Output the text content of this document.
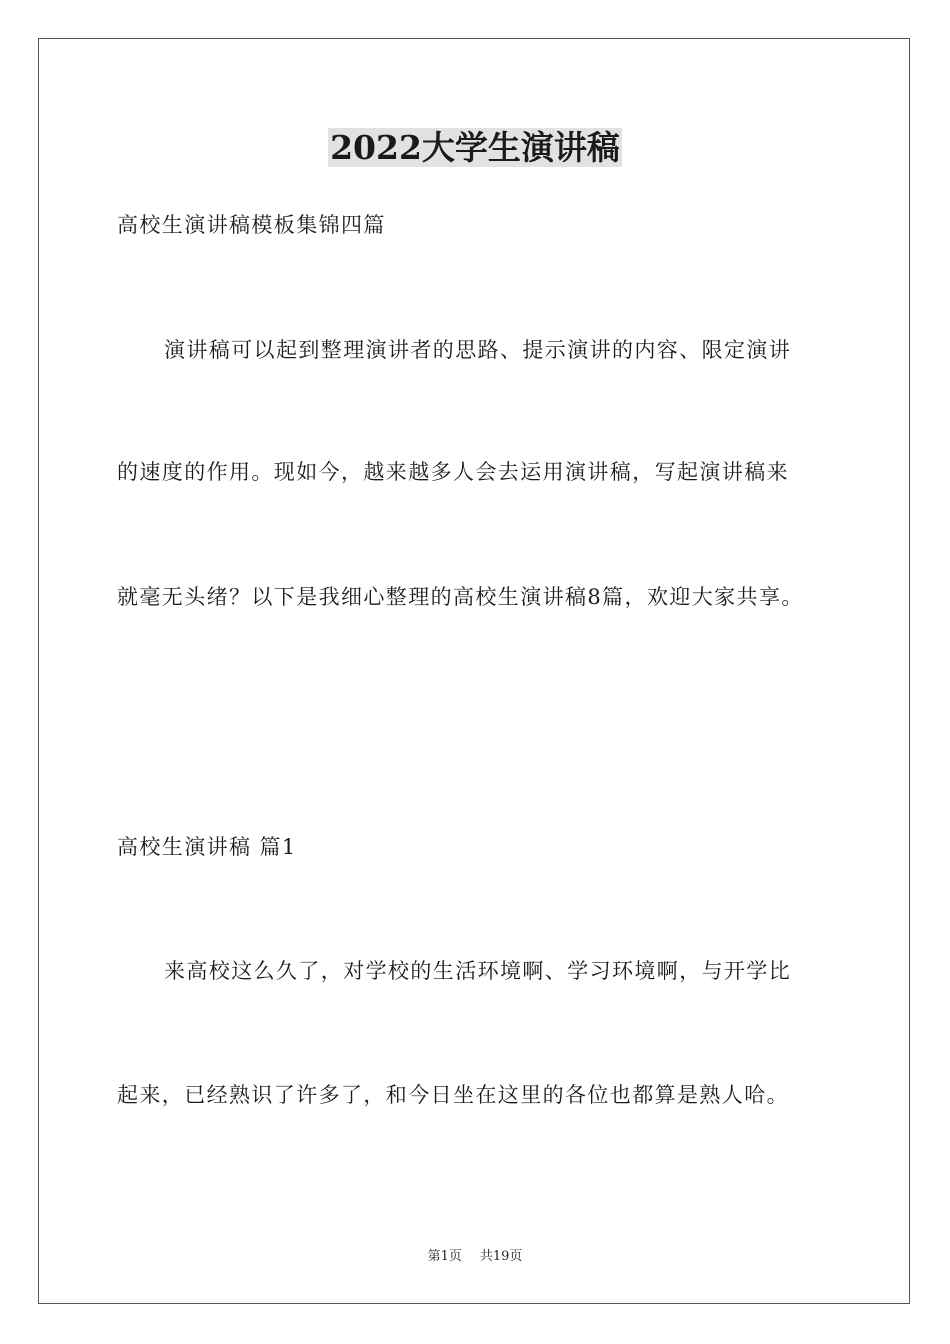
2022大学生演讲稿
高校生演讲稿模板集锦四篇
演讲稿可以起到整理演讲者的思路、提示演讲的内容、限定演讲
的速度的作用。现如今，越来越多人会去运用演讲稿，写起演讲稿来
就毫无头绪？以下是我细心整理的高校生演讲稿8篇，欢迎大家共享。
高校生演讲稿 篇1
来高校这么久了，对学校的生活环境啊、学习环境啊，与开学比
起来，已经熟识了许多了，和今日坐在这里的各位也都算是熟人哈。
第1页 共19页
